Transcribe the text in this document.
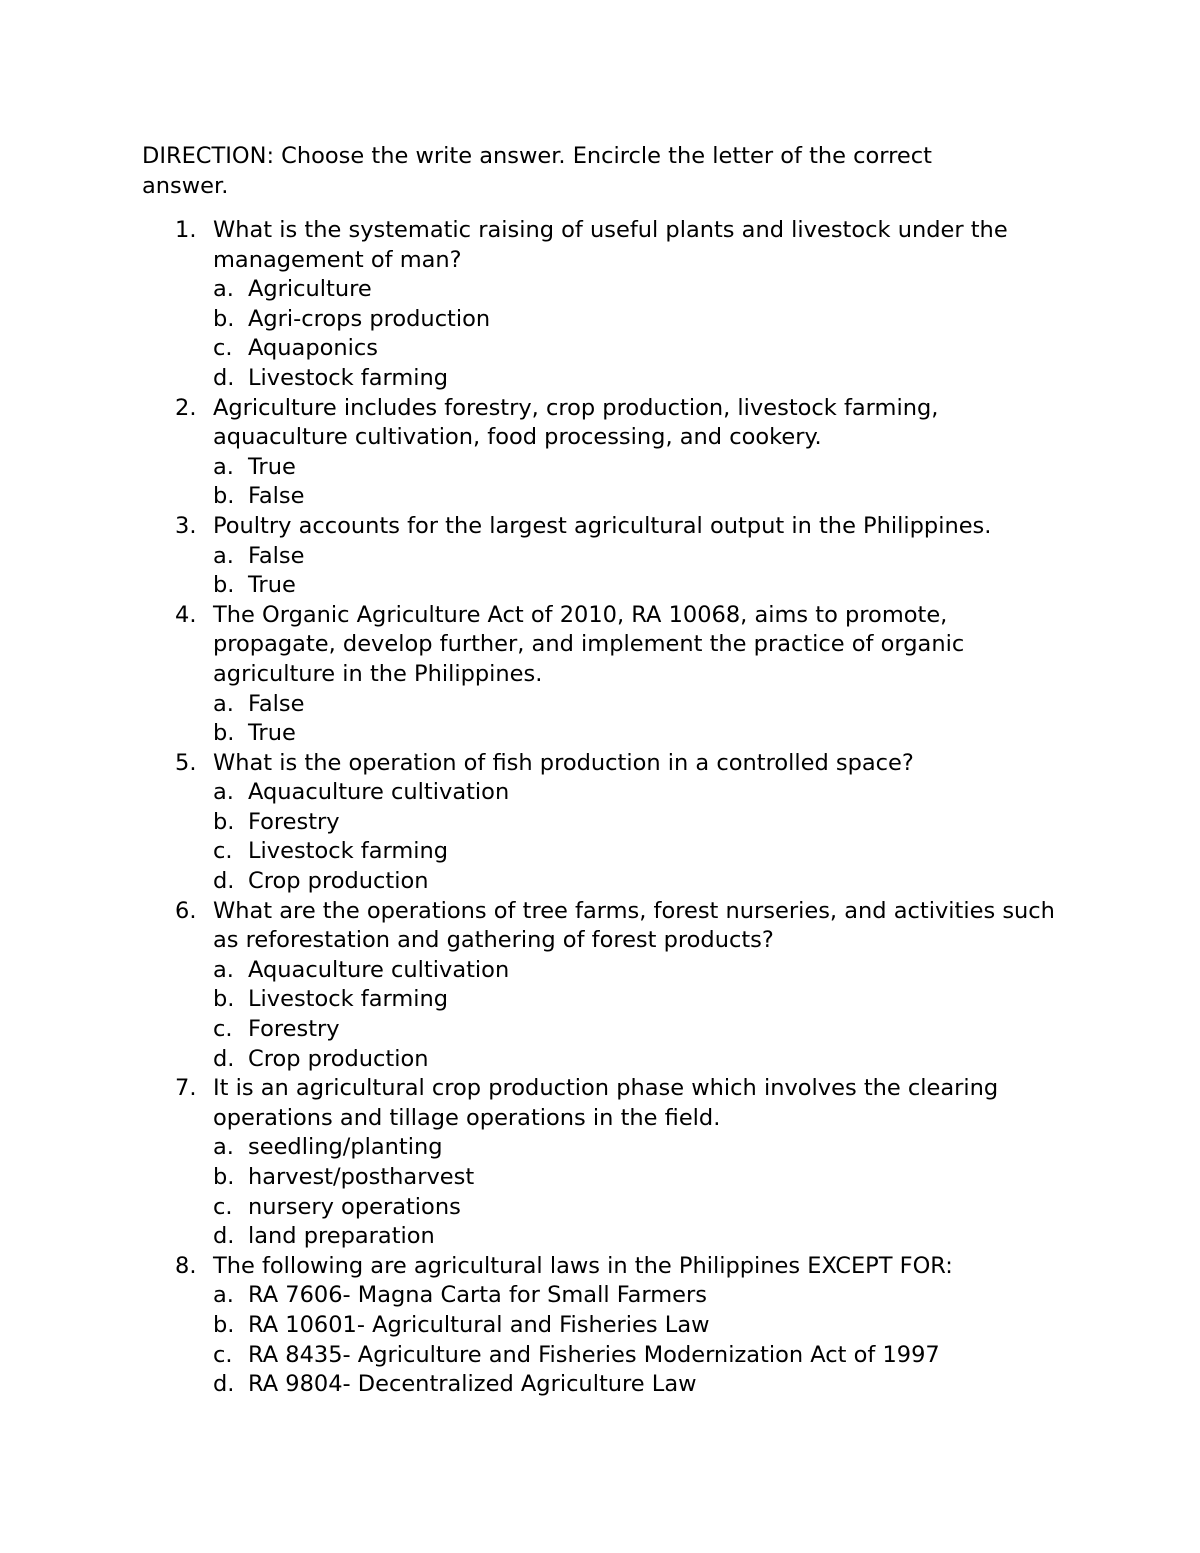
DIRECTION: Choose the write answer. Encircle the letter of the correct answer.

1. What is the systematic raising of useful plants and livestock under the management of man?
a. Agriculture
b. Agri-crops production
c. Aquaponics
d. Livestock farming
2. Agriculture includes forestry, crop production, livestock farming, aquaculture cultivation, food processing, and cookery.
a. True
b. False
3. Poultry accounts for the largest agricultural output in the Philippines.
a. False
b. True
4. The Organic Agriculture Act of 2010, RA 10068, aims to promote, propagate, develop further, and implement the practice of organic agriculture in the Philippines.
a. False
b. True
5. What is the operation of fish production in a controlled space?
a. Aquaculture cultivation
b. Forestry
c. Livestock farming
d. Crop production
6. What are the operations of tree farms, forest nurseries, and activities such as reforestation and gathering of forest products?
a. Aquaculture cultivation
b. Livestock farming
c. Forestry
d. Crop production
7. It is an agricultural crop production phase which involves the clearing operations and tillage operations in the field.
a. seedling/planting
b. harvest/postharvest
c. nursery operations
d. land preparation
8. The following are agricultural laws in the Philippines EXCEPT FOR:
a. RA 7606- Magna Carta for Small Farmers
b. RA 10601- Agricultural and Fisheries Law
c. RA 8435- Agriculture and Fisheries Modernization Act of 1997
d. RA 9804- Decentralized Agriculture Law
